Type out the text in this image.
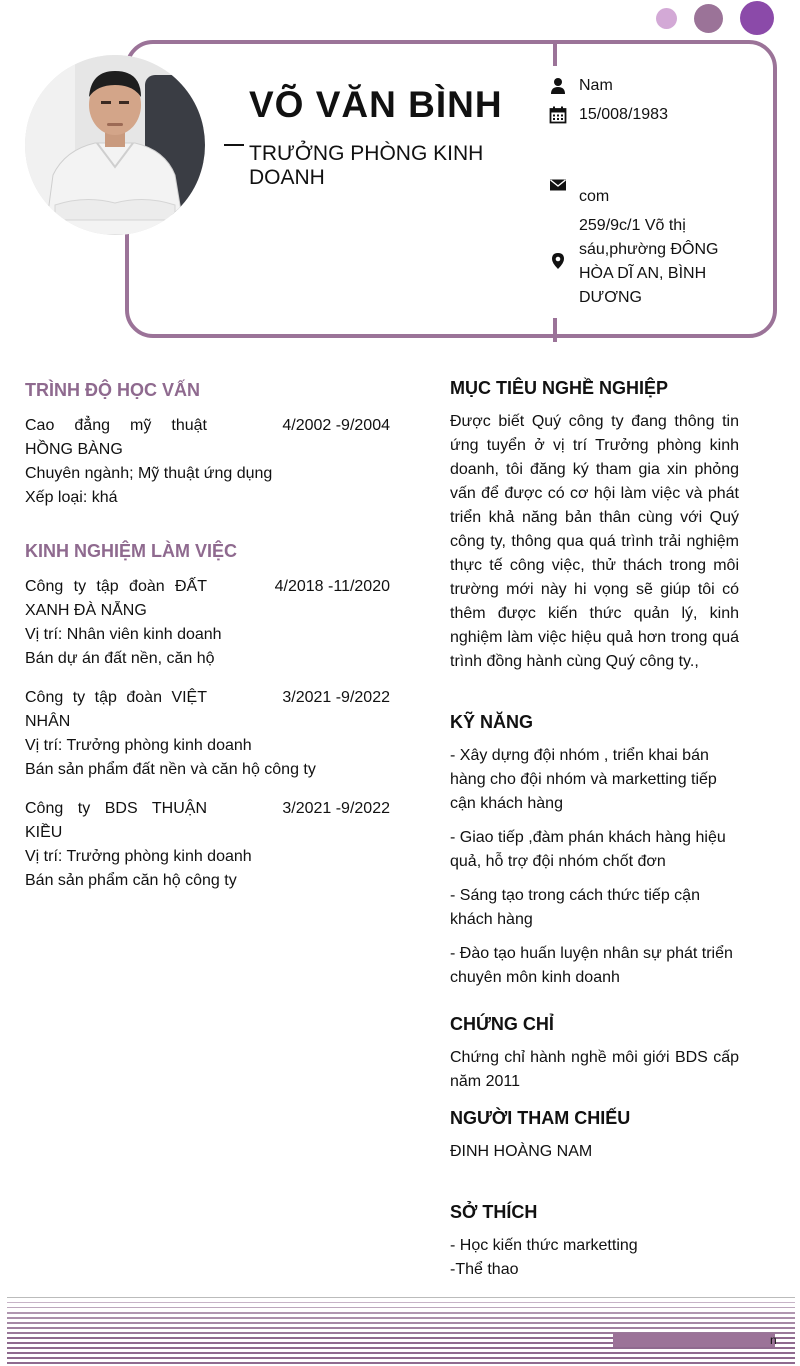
VÕ VĂN BÌNH
TRƯỞNG PHÒNG KINH DOANH
Nam
15/008/1983
com
259/9c/1 Võ thị sáu,phường ĐÔNG HÒA DĨ AN, BÌNH DƯƠNG
TRÌNH ĐỘ HỌC VẤN
Cao đẳng mỹ thuật HỒNG BÀNG
4/2002 -9/2004
Chuyên ngành; Mỹ thuật ứng dụng
Xếp loại: khá
KINH NGHIỆM LÀM VIỆC
Công ty tập đoàn ĐẤT XANH ĐÀ NẴNG
4/2018 -11/2020
Vị trí: Nhân viên kinh doanh
Bán dự án đất nền, căn hộ
Công ty tập đoàn VIỆT NHÂN
3/2021 -9/2022
Vị trí: Trưởng phòng kinh doanh
Bán sản phẩm đất nền và căn hộ công ty
Công ty BDS THUẬN KIỀU
3/2021 -9/2022
Vị trí: Trưởng phòng kinh doanh
Bán sản phẩm căn hộ công ty
MỤC TIÊU NGHỀ NGHIỆP
Được biết Quý công ty đang thông tin ứng tuyển ở vị trí Trưởng phòng kinh doanh, tôi đăng ký tham gia xin phỏng vấn để được có cơ hội làm việc và phát triển khả năng bản thân cùng với Quý công ty, thông qua quá trình trải nghiệm thực tế công việc, thử thách trong môi trường mới này hi vọng sẽ giúp tôi có thêm được kiến thức quản lý, kinh nghiệm làm việc hiệu quả hơn trong quá trình đồng hành cùng Quý công ty.,
KỸ NĂNG
- Xây dựng đội nhóm , triển khai bán hàng cho đội nhóm và marketting tiếp cận khách hàng
- Giao tiếp ,đàm phán khách hàng hiệu quả, hỗ trợ đội nhóm chốt đơn
- Sáng tạo trong cách thức tiếp cận khách hàng
- Đào tạo huấn luyện nhân sự phát triển chuyên môn kinh doanh
CHỨNG CHỈ
Chứng chỉ hành nghề môi giới BDS cấp năm 2011
NGƯỜI THAM CHIẾU
ĐINH HOÀNG NAM
SỞ THÍCH
- Học kiến thức marketting
-Thể thao
n
